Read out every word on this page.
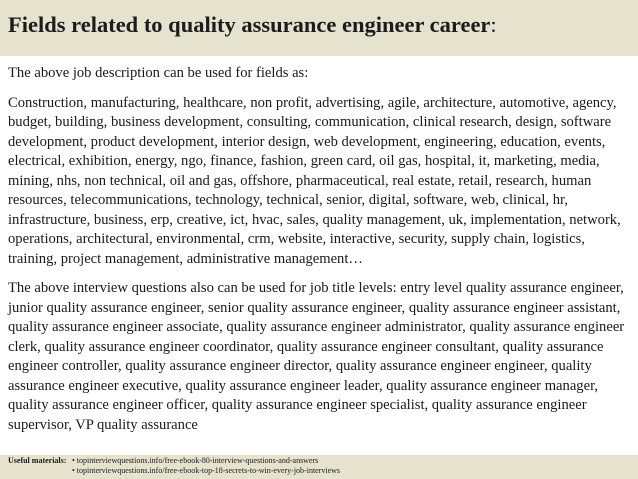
Fields related to quality assurance engineer career:

The above job description can be used for fields as:

Construction, manufacturing, healthcare, non profit, advertising, agile, architecture, automotive, agency, budget, building, business development, consulting, communication, clinical research, design, software development, product development, interior design, web development, engineering, education, events, electrical, exhibition, energy, ngo, finance, fashion, green card, oil gas, hospital, it, marketing, media, mining, nhs, non technical, oil and gas, offshore, pharmaceutical, real estate, retail, research, human resources, telecommunications, technology, technical, senior, digital, software, web, clinical, hr, infrastructure, business, erp, creative, ict, hvac, sales, quality management, uk, implementation, network, operations, architectural, environmental, crm, website, interactive, security, supply chain, logistics, training, project management, administrative management…

The above interview questions also can be used for job title levels: entry level quality assurance engineer, junior quality assurance engineer, senior quality assurance engineer, quality assurance engineer assistant, quality assurance engineer associate, quality assurance engineer administrator, quality assurance engineer clerk, quality assurance engineer coordinator, quality assurance engineer consultant, quality assurance engineer controller, quality assurance engineer director, quality assurance engineer engineer, quality assurance engineer executive, quality assurance engineer leader, quality assurance engineer manager, quality assurance engineer officer, quality assurance engineer specialist, quality assurance engineer supervisor, VP quality assurance

Useful materials: • topinterviewquestions.info/free-ebook-80-interview-questions-and-answers
• topinterviewquestions.info/free-ebook-top-18-secrets-to-win-every-job-interviews
